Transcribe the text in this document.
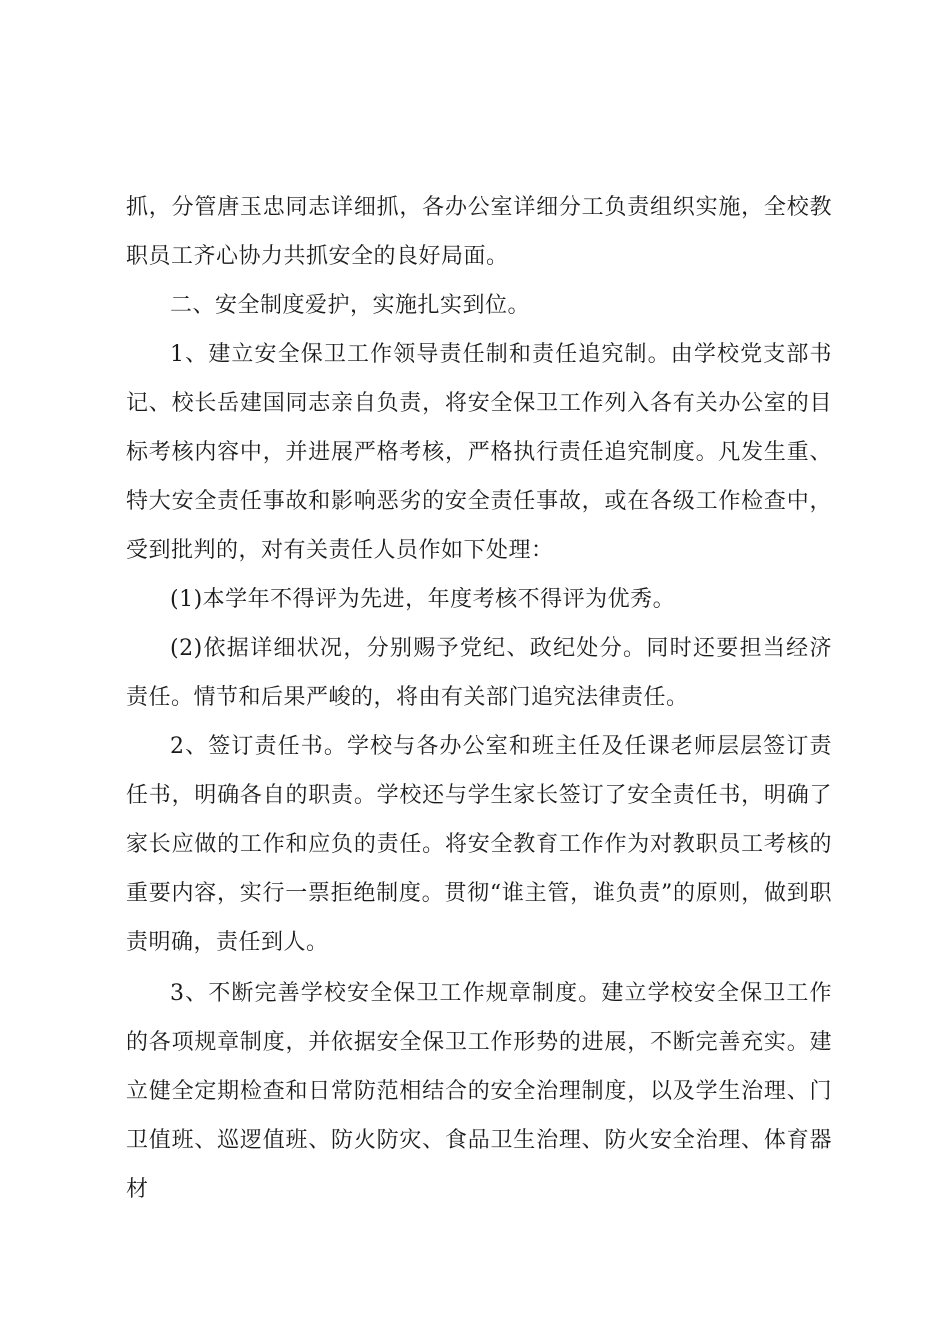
抓，分管唐玉忠同志详细抓，各办公室详细分工负责组织实施，全校教职员工齐心协力共抓安全的良好局面。

二、安全制度爱护，实施扎实到位。

1、建立安全保卫工作领导责任制和责任追究制。由学校党支部书记、校长岳建国同志亲自负责，将安全保卫工作列入各有关办公室的目标考核内容中，并进展严格考核，严格执行责任追究制度。凡发生重、特大安全责任事故和影响恶劣的安全责任事故，或在各级工作检查中，受到批判的，对有关责任人员作如下处理：

(1)本学年不得评为先进，年度考核不得评为优秀。

(2)依据详细状况，分别赐予党纪、政纪处分。同时还要担当经济责任。情节和后果严峻的，将由有关部门追究法律责任。

2、签订责任书。学校与各办公室和班主任及任课老师层层签订责任书，明确各自的职责。学校还与学生家长签订了安全责任书，明确了家长应做的工作和应负的责任。将安全教育工作作为对教职员工考核的重要内容，实行一票拒绝制度。贯彻“谁主管，谁负责”的原则，做到职责明确，责任到人。

3、不断完善学校安全保卫工作规章制度。建立学校安全保卫工作的各项规章制度，并依据安全保卫工作形势的进展，不断完善充实。建立健全定期检查和日常防范相结合的安全治理制度，以及学生治理、门卫值班、巡逻值班、防火防灾、食品卫生治理、防火安全治理、体育器材
